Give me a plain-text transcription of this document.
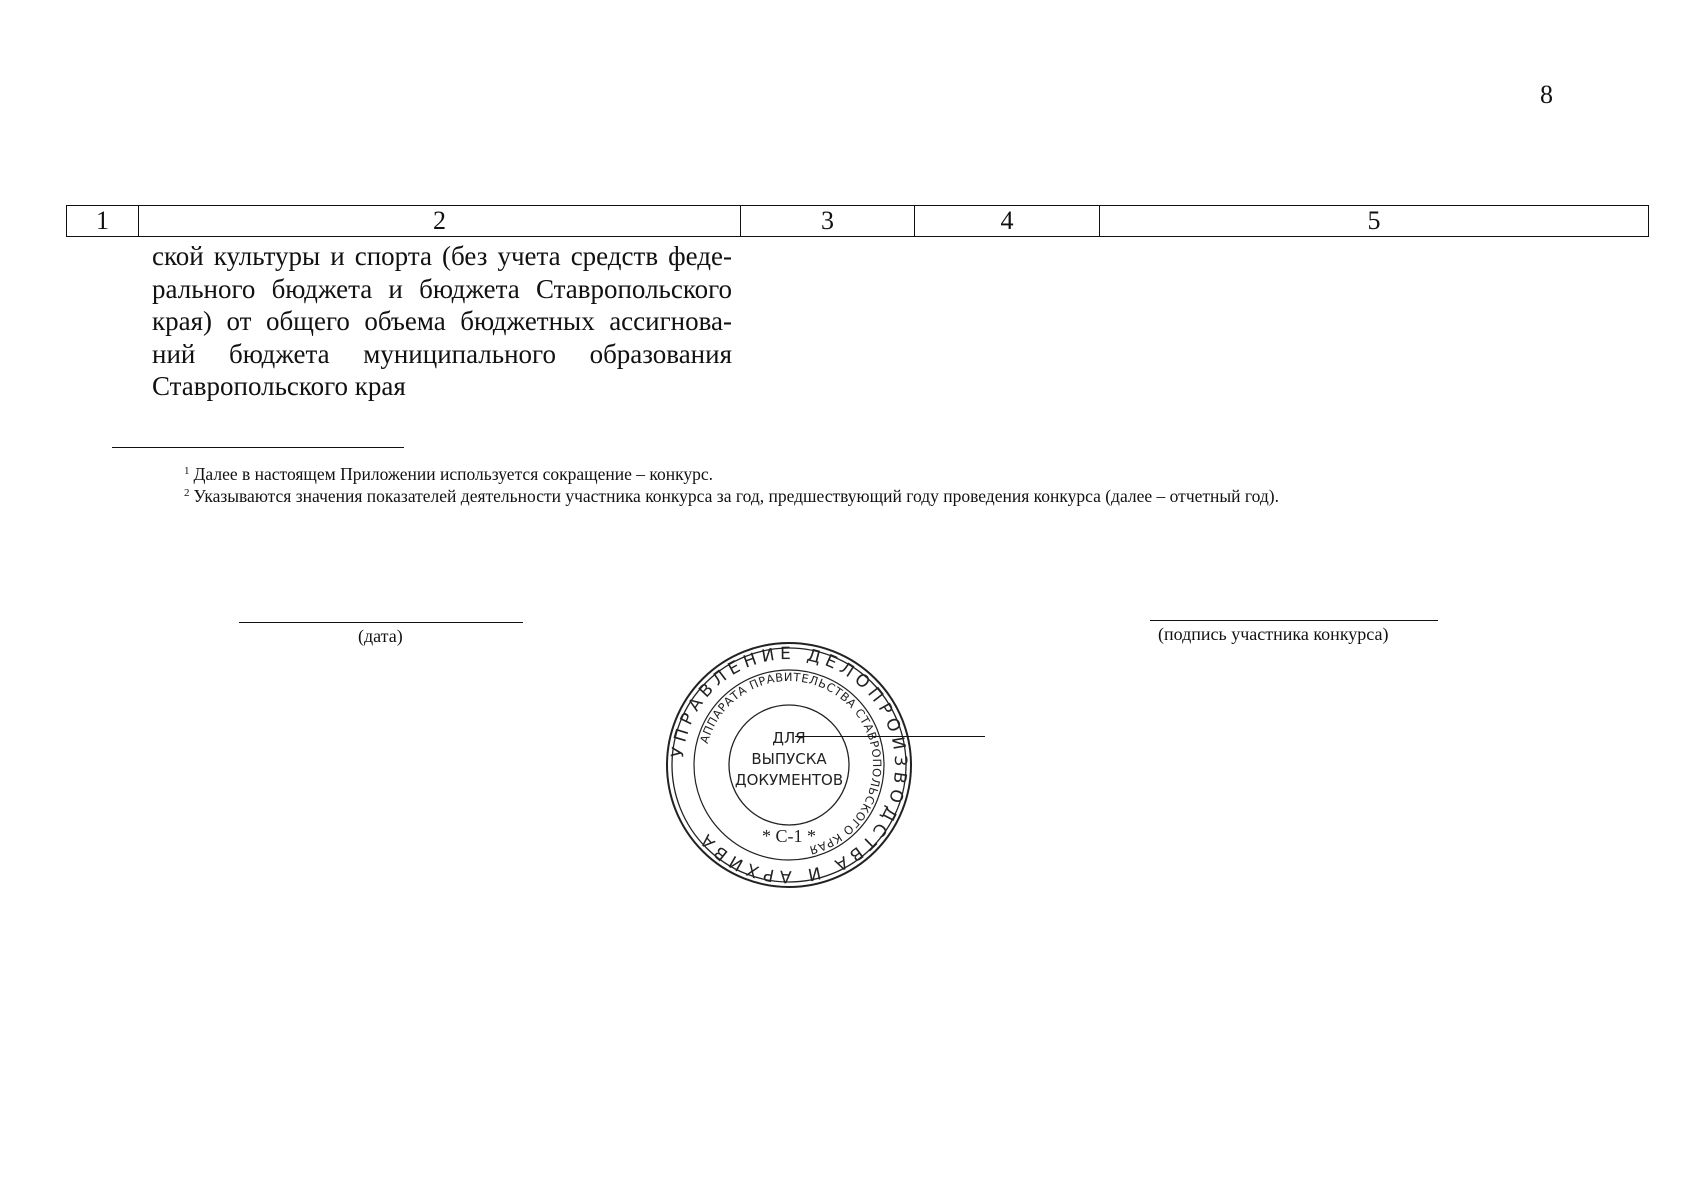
8
1	2	3	4	5
ской культуры и спорта (без учета средств феде-
рального бюджета и бюджета Ставропольского
края) от общего объема бюджетных ассигнова-
ний бюджета муниципального образования
Ставропольского края
$^1$ Далее в настоящем Приложении используется сокращение – конкурс.
$^2$ Указываются значения показателей деятельности участника конкурса за год, предшествующий году проведения конкурса (далее – отчетный год).
(дата)	(подпись участника конкурса)
УПРАВЛЕНИЕ ДЕЛОПРОИЗВОДСТВА И АРХИВА
АППАРАТА ПРАВИТЕЛЬСТВА СТАВРОПОЛЬСКОГО КРАЯ
ДЛЯ
ВЫПУСКА
ДОКУМЕНТОВ
* С-1 *
